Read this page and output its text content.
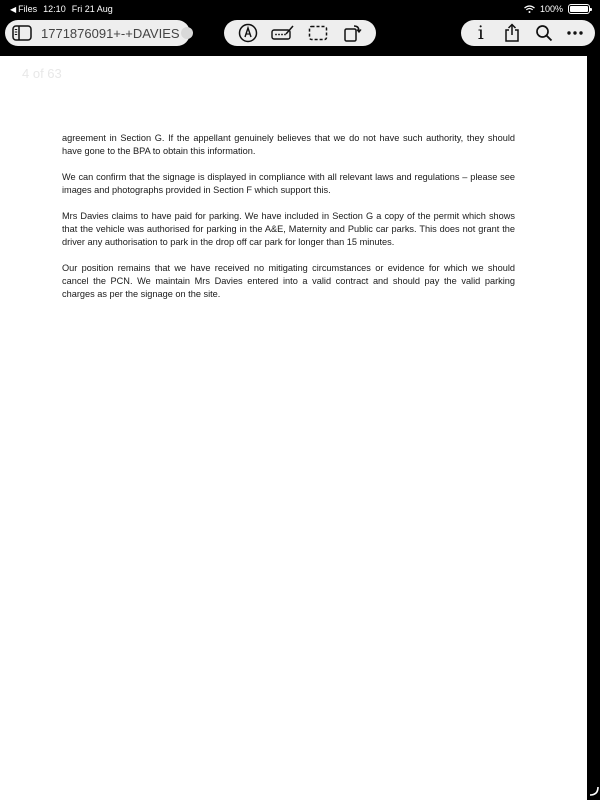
◀ Files 12:10 Fri 21 Aug	100%
1771876091+-+DAVIES	i
4 of 63

agreement in Section G. If the appellant genuinely believes that we do not have such authority, they should have gone to the BPA to obtain this information.

We can confirm that the signage is displayed in compliance with all relevant laws and regulations – please see images and photographs provided in Section F which support this.

Mrs Davies claims to have paid for parking. We have included in Section G a copy of the permit which shows that the vehicle was authorised for parking in the A&E, Maternity and Public car parks. This does not grant the driver any authorisation to park in the drop off car park for longer than 15 minutes.

Our position remains that we have received no mitigating circumstances or evidence for which we should cancel the PCN. We maintain Mrs Davies entered into a valid contract and should pay the valid parking charges as per the signage on the site.
